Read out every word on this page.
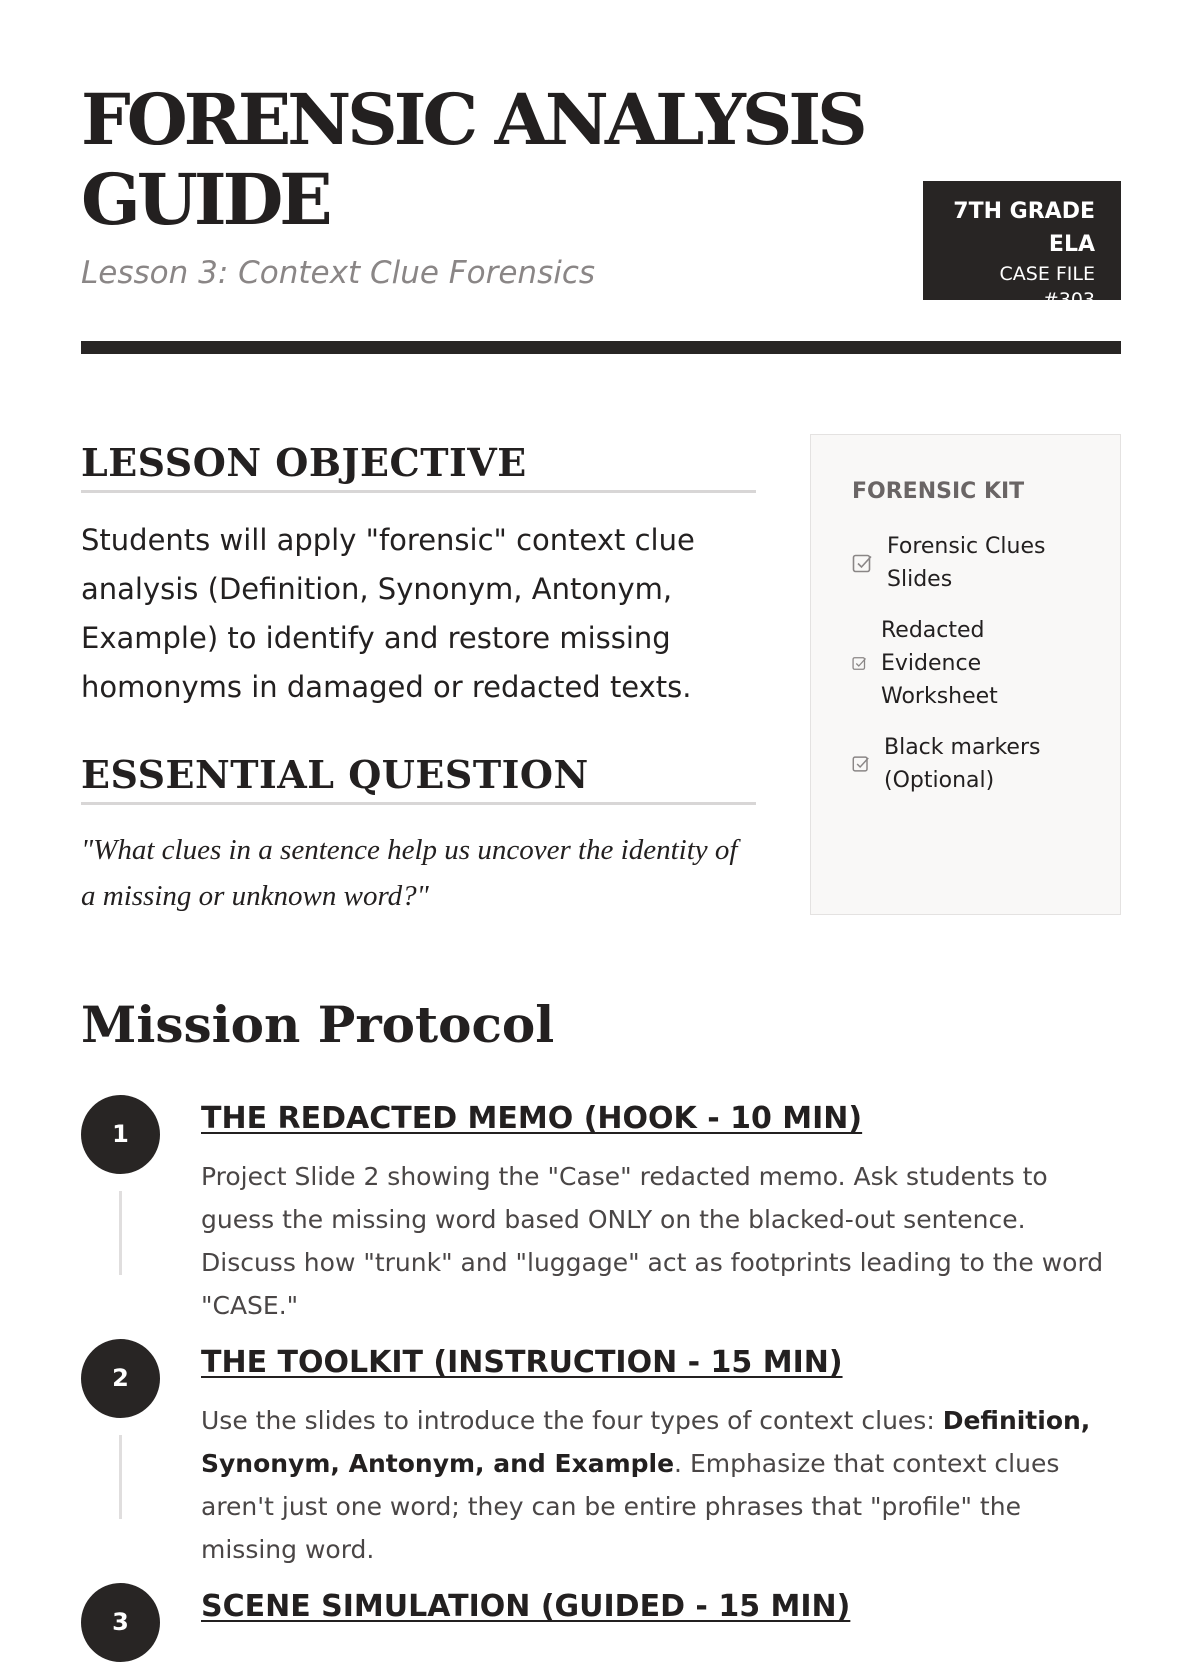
FORENSIC ANALYSIS GUIDE

Lesson 3: Context Clue Forensics

7TH GRADE ELA
CASE FILE #303
LESSON OBJECTIVE

Students will apply "forensic" context clue analysis (Definition, Synonym, Antonym, Example) to identify and restore missing homonyms in damaged or redacted texts.

ESSENTIAL QUESTION

"What clues in a sentence help us uncover the identity of a missing or unknown word?"

FORENSIC KIT
Forensic Clues Slides
Redacted Evidence Worksheet
Black markers (Optional)
Mission Protocol
1	THE REDACTED MEMO (HOOK - 10 MIN)

Project Slide 2 showing the "Case" redacted memo. Ask students to guess the missing word based ONLY on the blacked-out sentence. Discuss how "trunk" and "luggage" act as footprints leading to the word "CASE."

2	THE TOOLKIT (INSTRUCTION - 15 MIN)

Use the slides to introduce the four types of context clues: Definition, Synonym, Antonym, and Example. Emphasize that context clues aren't just one word; they can be entire phrases that "profile" the missing word.

3	SCENE SIMULATION (GUIDED - 15 MIN)
